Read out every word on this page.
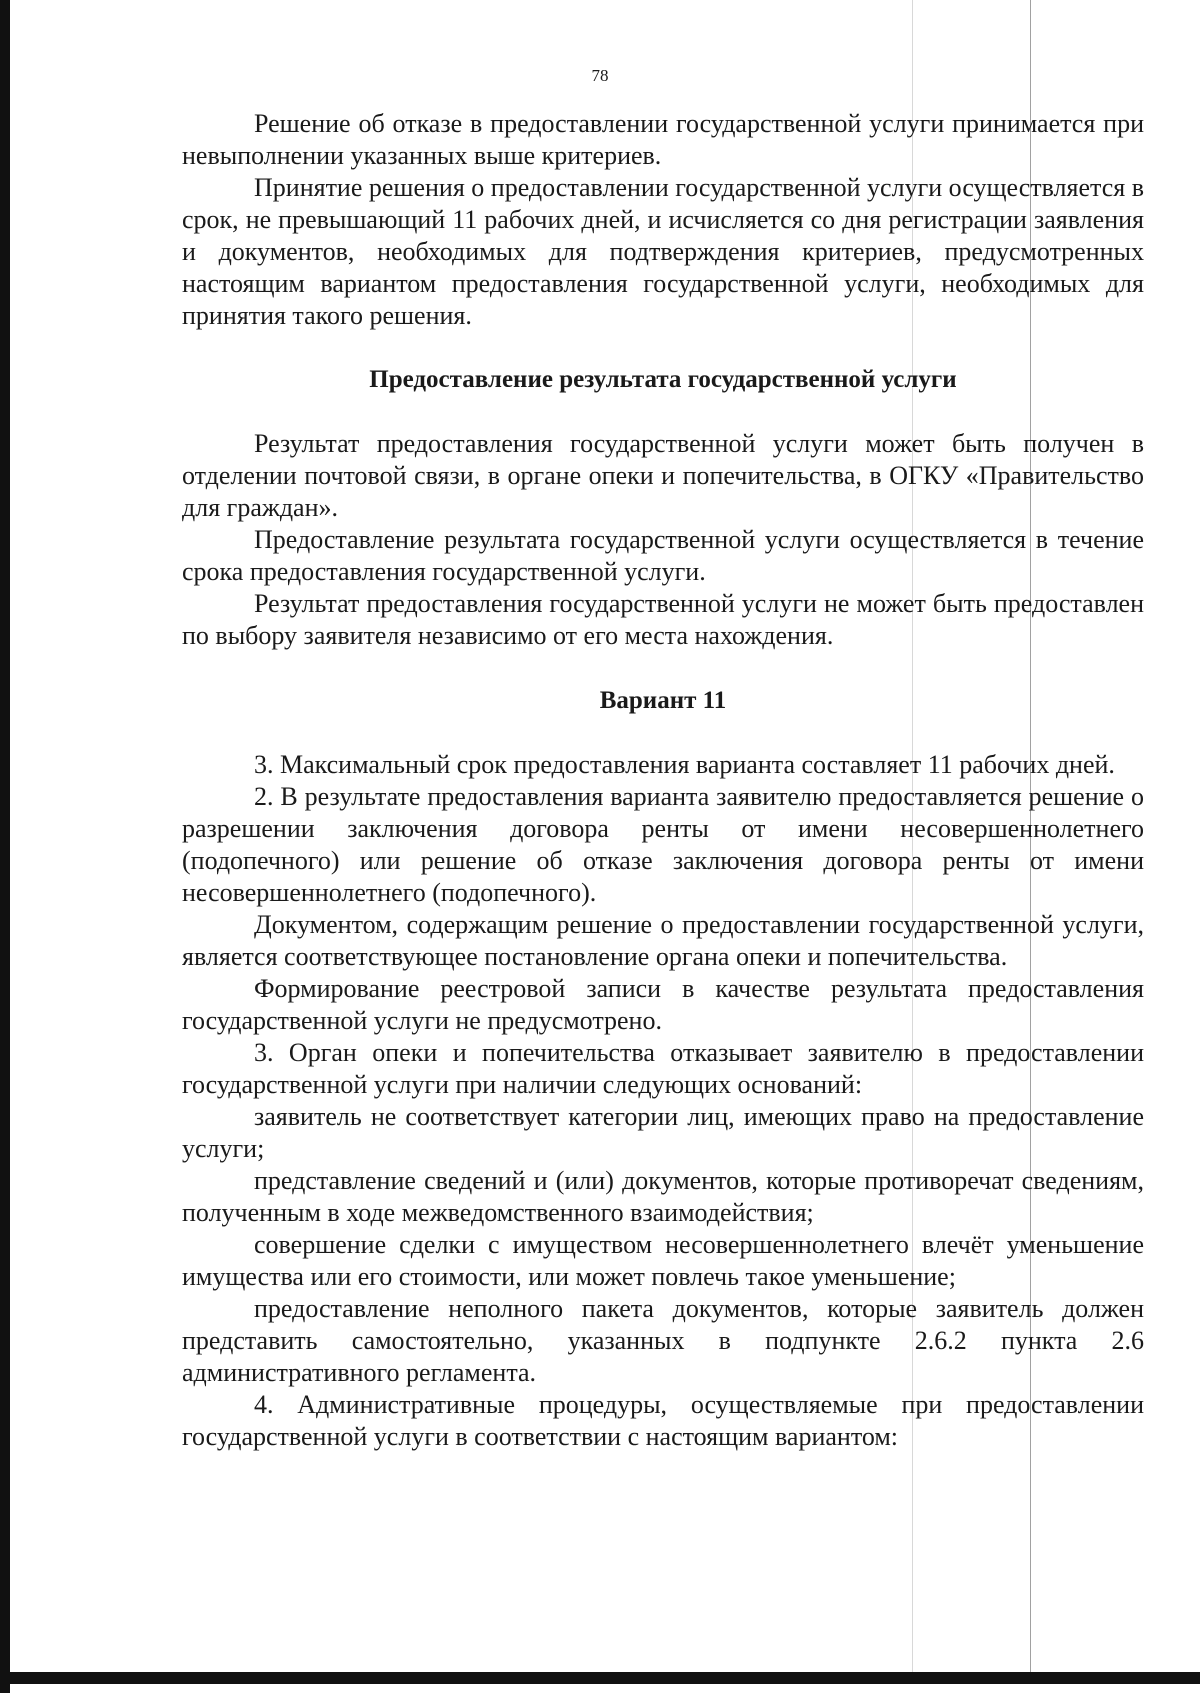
78

Решение об отказе в предоставлении государственной услуги принимается при невыполнении указанных выше критериев.

Принятие решения о предоставлении государственной услуги осуществляется в срок, не превышающий 11 рабочих дней, и исчисляется со дня регистрации заявления и документов, необходимых для подтверждения критериев, предусмотренных настоящим вариантом предоставления государственной услуги, необходимых для принятия такого решения.

Предоставление результата государственной услуги

Результат предоставления государственной услуги может быть получен в отделении почтовой связи, в органе опеки и попечительства, в ОГКУ «Правительство для граждан».

Предоставление результата государственной услуги осуществляется в течение срока предоставления государственной услуги.

Результат предоставления государственной услуги не может быть предоставлен по выбору заявителя независимо от его места нахождения.

Вариант 11

3. Максимальный срок предоставления варианта составляет 11 рабочих дней.

2. В результате предоставления варианта заявителю предоставляется решение о разрешении заключения договора ренты от имени несовершеннолетнего (подопечного) или решение об отказе заключения договора ренты от имени несовершеннолетнего (подопечного).

Документом, содержащим решение о предоставлении государственной услуги, является соответствующее постановление органа опеки и попечительства.

Формирование реестровой записи в качестве результата предоставления государственной услуги не предусмотрено.

3. Орган опеки и попечительства отказывает заявителю в предоставлении государственной услуги при наличии следующих оснований:

заявитель не соответствует категории лиц, имеющих право на предоставление услуги;

представление сведений и (или) документов, которые противоречат сведениям, полученным в ходе межведомственного взаимодействия;

совершение сделки с имуществом несовершеннолетнего влечёт уменьшение имущества или его стоимости, или может повлечь такое уменьшение;

предоставление неполного пакета документов, которые заявитель должен представить самостоятельно, указанных в подпункте 2.6.2 пункта 2.6 административного регламента.

4. Административные процедуры, осуществляемые при предоставлении государственной услуги в соответствии с настоящим вариантом:
